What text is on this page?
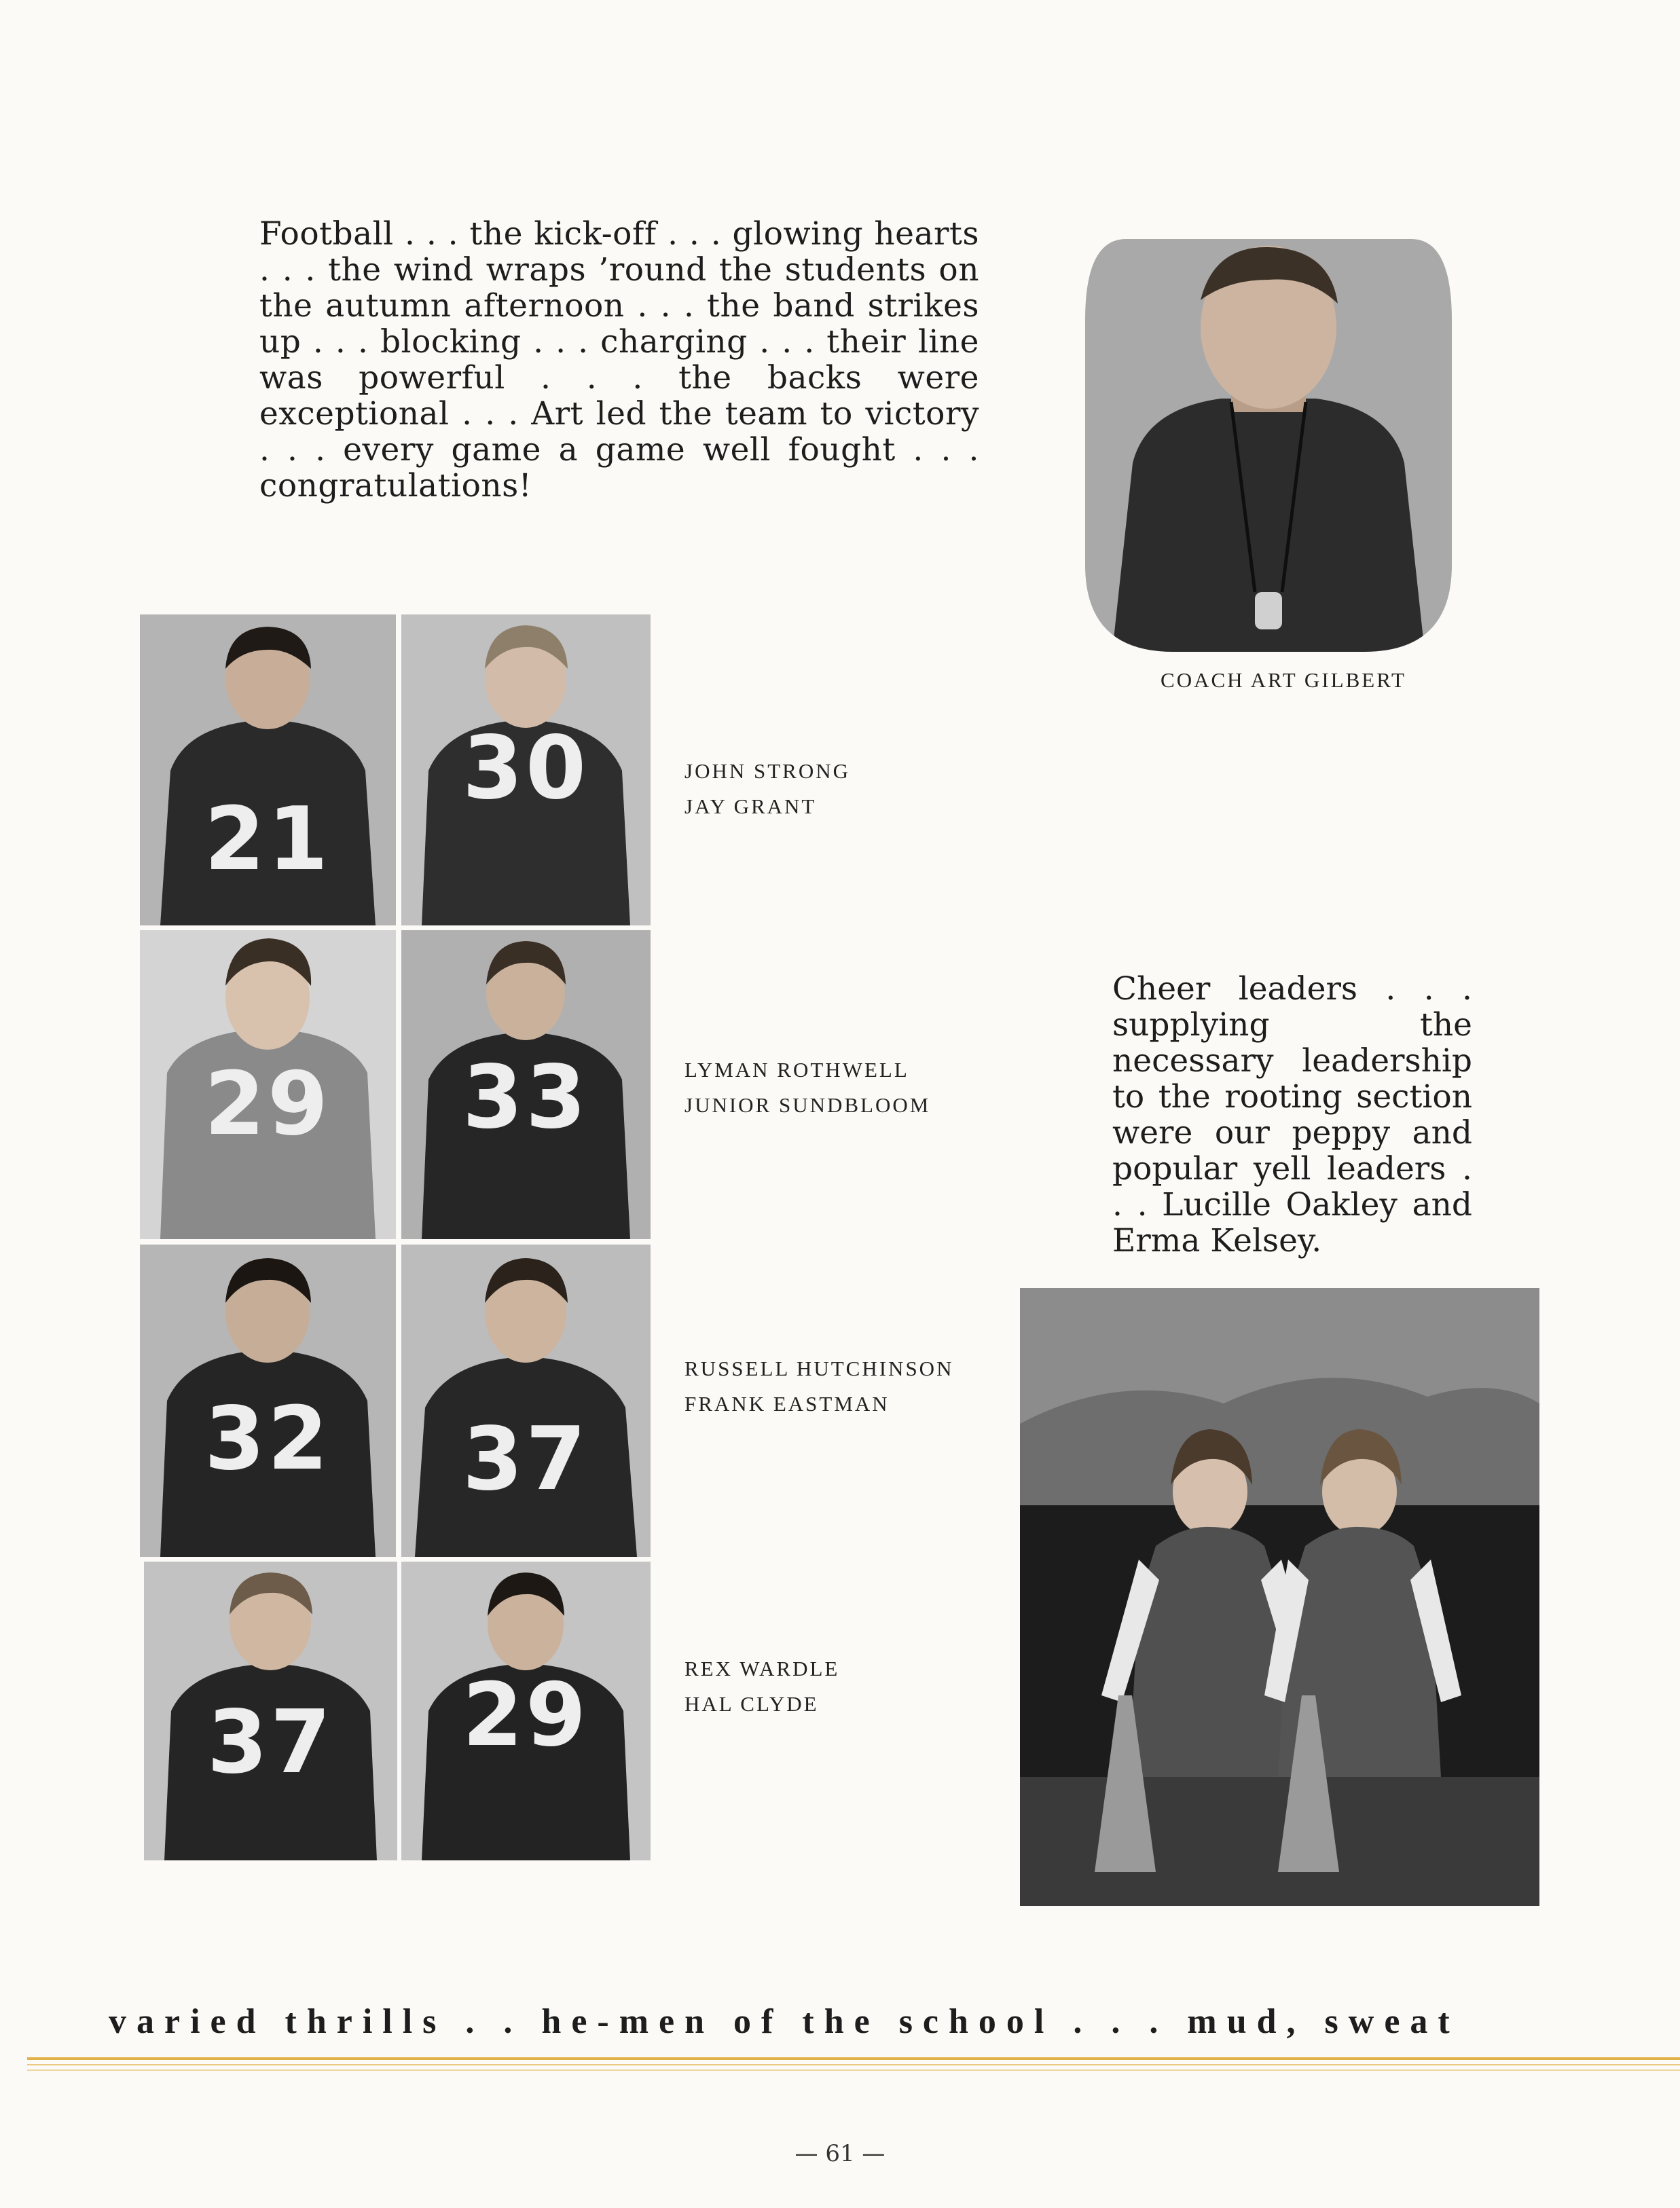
Football . . . the kick-off . . . glowing hearts . . . the wind wraps ’round the students on the autumn afternoon . . . the band strikes up . . . blocking . . . charging . . . their line was powerful . . . the backs were exceptional . . . Art led the team to victory . . . every game a game well fought . . . congratulations!
COACH ART GILBERT
21
30
29 33
32 37
37 29
JOHN STRONG
JAY GRANT
LYMAN ROTHWELL
JUNIOR SUNDBLOOM
RUSSELL HUTCHINSON
FRANK EASTMAN
REX WARDLE
HAL CLYDE
Cheer leaders . . . supplying the necessary leadership to the rooting section were our peppy and popular yell leaders . . . Lucille Oakley and Erma Kelsey.
varied thrills . . he-men of the school . . . mud, sweat
— 61 —
